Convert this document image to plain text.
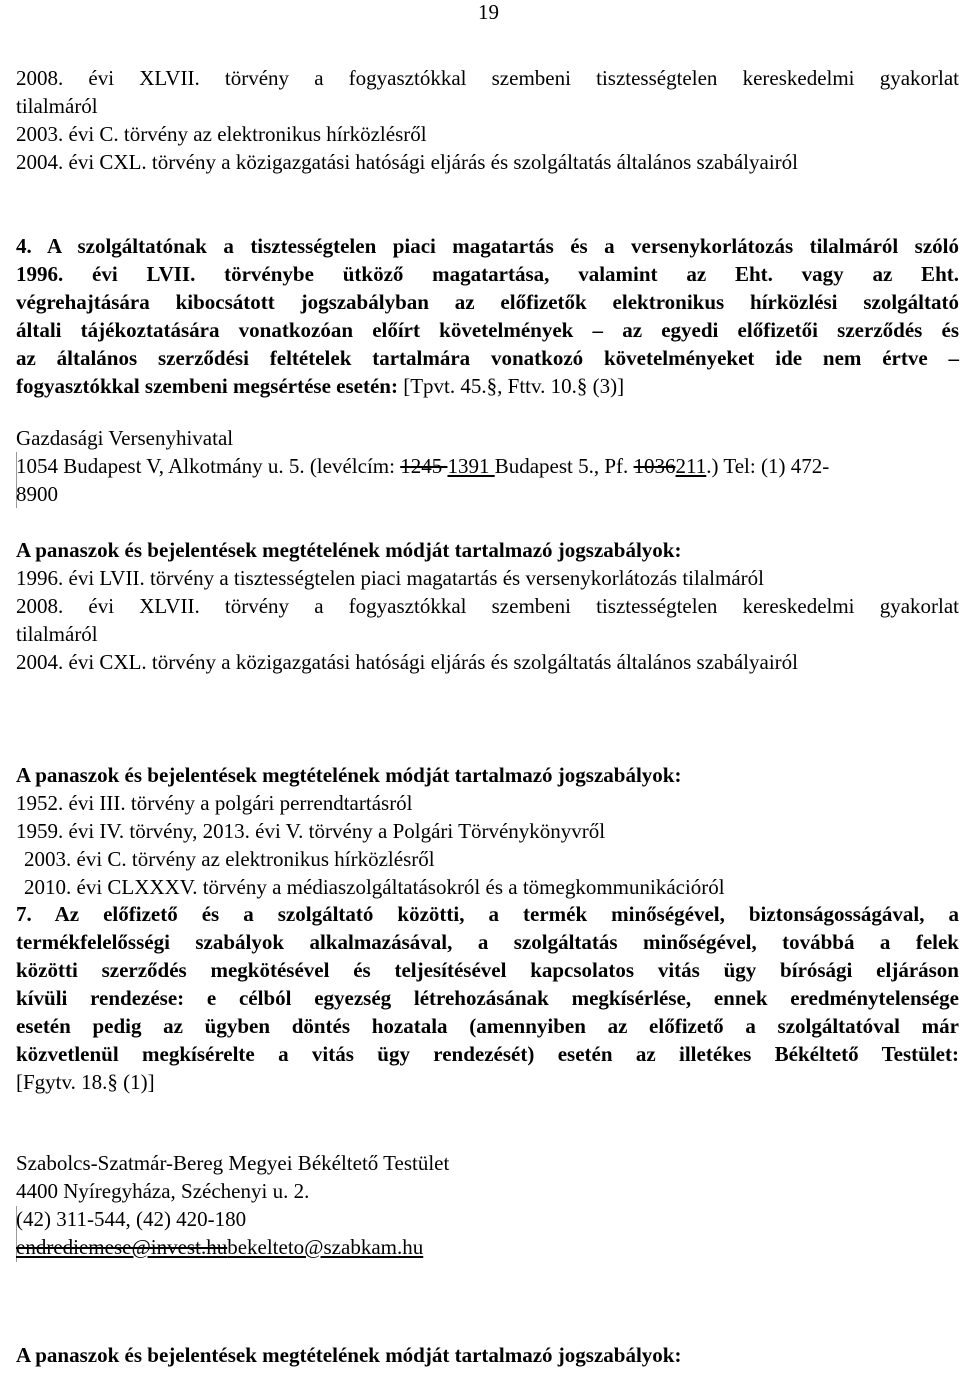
19
2008. évi XLVII. törvény a fogyasztókkal szembeni tisztességtelen kereskedelmi gyakorlat
tilalmáról
2003. évi C. törvény az elektronikus hírközlésről
2004. évi CXL. törvény a közigazgatási hatósági eljárás és szolgáltatás általános szabályairól
4. A szolgáltatónak a tisztességtelen piaci magatartás és a versenykorlátozás tilalmáról szóló
1996. évi LVII. törvénybe ütköző magatartása, valamint az Eht. vagy az Eht.
végrehajtására kibocsátott jogszabályban az előfizetők elektronikus hírközlési szolgáltató
általi tájékoztatására vonatkozóan előírt követelmények – az egyedi előfizetői szerződés és
az általános szerződési feltételek tartalmára vonatkozó követelményeket ide nem értve –
fogyasztókkal szembeni megsértése esetén: [Tpvt. 45.§, Fttv. 10.§ (3)]
Gazdasági Versenyhivatal
1054 Budapest V, Alkotmány u. 5. (levélcím: 1245 1391 Budapest 5., Pf. 1036211.) Tel: (1) 472-
8900
A panaszok és bejelentések megtételének módját tartalmazó jogszabályok:
1996. évi LVII. törvény a tisztességtelen piaci magatartás és versenykorlátozás tilalmáról
2008. évi XLVII. törvény a fogyasztókkal szembeni tisztességtelen kereskedelmi gyakorlat
tilalmáról
2004. évi CXL. törvény a közigazgatási hatósági eljárás és szolgáltatás általános szabályairól
A panaszok és bejelentések megtételének módját tartalmazó jogszabályok:
1952. évi III. törvény a polgári perrendtartásról
1959. évi IV. törvény, 2013. évi V. törvény a Polgári Törvénykönyvről
2003. évi C. törvény az elektronikus hírközlésről
2010. évi CLXXXV. törvény a médiaszolgáltatásokról és a tömegkommunikációról
7. Az előfizető és a szolgáltató közötti, a termék minőségével, biztonságosságával, a
termékfelelősségi szabályok alkalmazásával, a szolgáltatás minőségével, továbbá a felek
közötti szerződés megkötésével és teljesítésével kapcsolatos vitás ügy bírósági eljáráson
kívüli rendezése: e célból egyezség létrehozásának megkísérlése, ennek eredménytelensége
esetén pedig az ügyben döntés hozatala (amennyiben az előfizető a szolgáltatóval már
közvetlenül megkísérelte a vitás ügy rendezését) esetén az illetékes Békéltető Testület:
[Fgytv. 18.§ (1)]
Szabolcs-Szatmár-Bereg Megyei Békéltető Testület
4400 Nyíregyháza, Széchenyi u. 2.
(42) 311-544, (42) 420-180
endrediemese@invest.hubekelteto@szabkam.hu
A panaszok és bejelentések megtételének módját tartalmazó jogszabályok:
